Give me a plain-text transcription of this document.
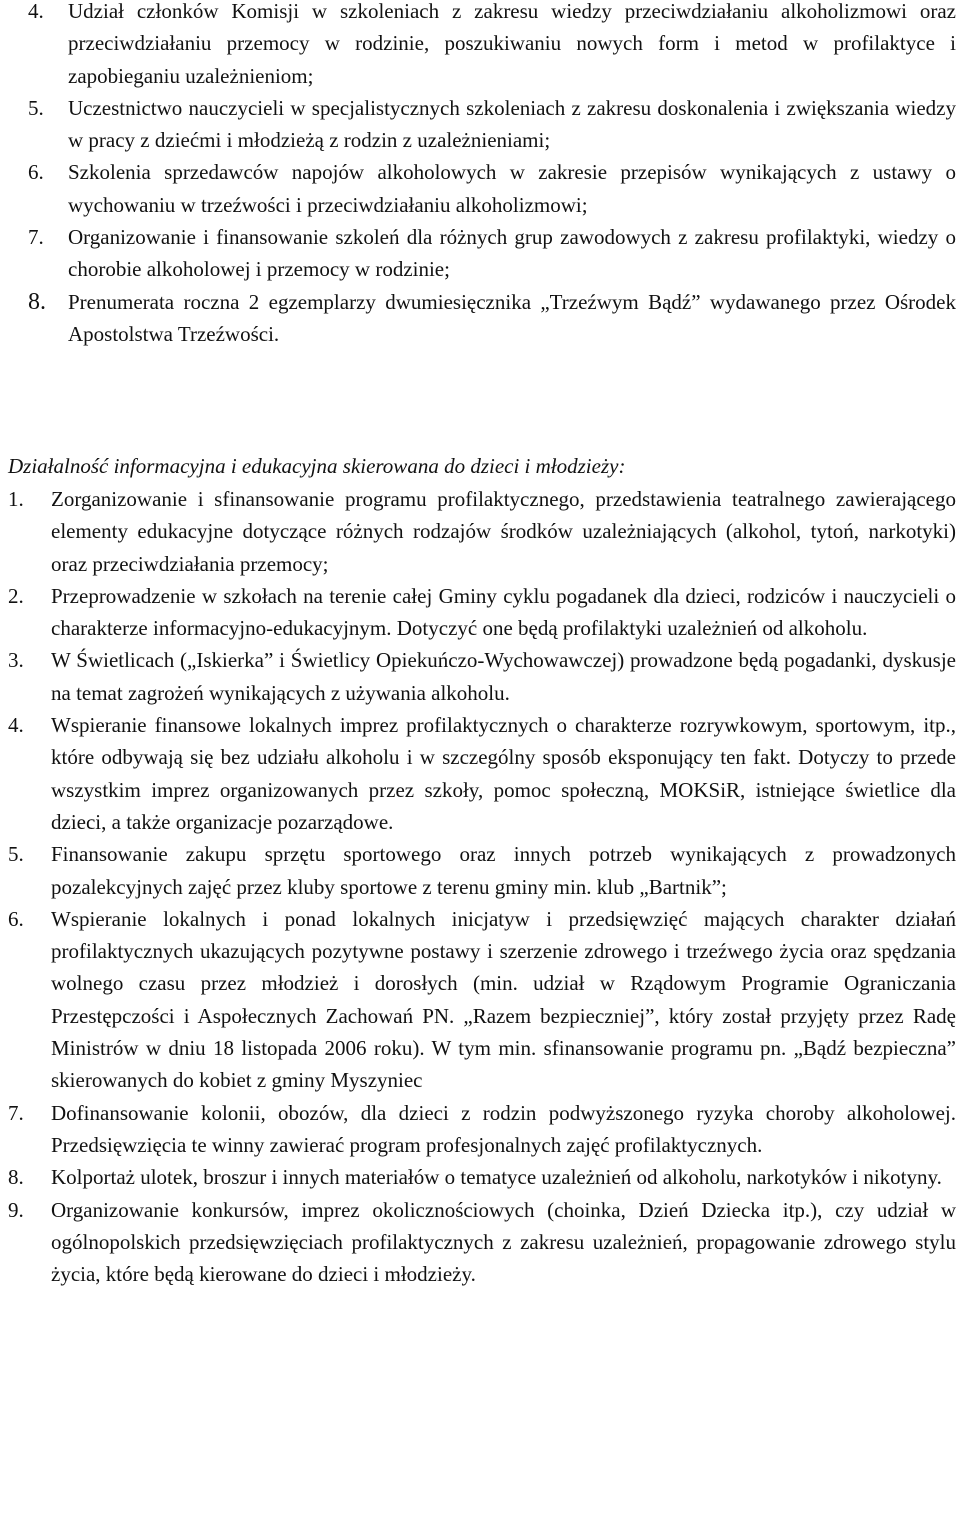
4.	Udział członków Komisji w szkoleniach z zakresu wiedzy przeciwdziałaniu alkoholizmowi oraz przeciwdziałaniu przemocy w rodzinie, poszukiwaniu nowych form i metod w profilaktyce i zapobieganiu uzależnieniom;

5.	Uczestnictwo nauczycieli w specjalistycznych szkoleniach z zakresu doskonalenia i zwiększania wiedzy w pracy z dziećmi i młodzieżą z rodzin z uzależnieniami;

6.	Szkolenia sprzedawców napojów alkoholowych w zakresie przepisów wynikających z ustawy o wychowaniu w trzeźwości i przeciwdziałaniu alkoholizmowi;

7.	Organizowanie i finansowanie szkoleń dla różnych grup zawodowych z zakresu profilaktyki, wiedzy o chorobie alkoholowej i przemocy w rodzinie;

8.	Prenumerata roczna 2 egzemplarzy dwumiesięcznika „Trzeźwym Bądź” wydawanego przez Ośrodek Apostolstwa Trzeźwości.

Działalność informacyjna i edukacyjna skierowana do dzieci i młodzieży:
1.	Zorganizowanie i sfinansowanie programu profilaktycznego, przedstawienia teatralnego zawierającego elementy edukacyjne dotyczące różnych rodzajów środków uzależniających (alkohol, tytoń, narkotyki) oraz przeciwdziałania przemocy;

2.	Przeprowadzenie w szkołach na terenie całej Gminy cyklu pogadanek dla dzieci, rodziców i nauczycieli o charakterze informacyjno-edukacyjnym. Dotyczyć one będą profilaktyki uzależnień od alkoholu.

3.	W Świetlicach („Iskierka” i Świetlicy Opiekuńczo-Wychowawczej) prowadzone będą pogadanki, dyskusje na temat zagrożeń wynikających z używania alkoholu.

4.	Wspieranie finansowe lokalnych imprez profilaktycznych o charakterze rozrywkowym, sportowym, itp., które odbywają się bez udziału alkoholu i w szczególny sposób eksponujący ten fakt. Dotyczy to przede wszystkim imprez organizowanych przez szkoły, pomoc społeczną, MOKSiR, istniejące świetlice dla dzieci, a także organizacje pozarządowe.

5.	Finansowanie zakupu sprzętu sportowego oraz innych potrzeb wynikających z prowadzonych pozalekcyjnych zajęć przez kluby sportowe z terenu gminy min. klub „Bartnik”;

6.	Wspieranie lokalnych i ponad lokalnych inicjatyw i przedsięwzięć mających charakter działań profilaktycznych ukazujących pozytywne postawy i szerzenie zdrowego i trzeźwego życia oraz spędzania wolnego czasu przez młodzież i dorosłych (min. udział w Rządowym Programie Ograniczania Przestępczości i Aspołecznych Zachowań PN. „Razem bezpieczniej”, który został przyjęty przez Radę Ministrów w dniu 18 listopada 2006 roku). W tym min. sfinansowanie programu pn. „Bądź bezpieczna” skierowanych do kobiet z gminy Myszyniec

7.	Dofinansowanie kolonii, obozów, dla dzieci z rodzin podwyższonego ryzyka choroby alkoholowej. Przedsięwzięcia te winny zawierać program profesjonalnych zajęć profilaktycznych.

8.	Kolportaż ulotek, broszur i innych materiałów o tematyce uzależnień od alkoholu, narkotyków i nikotyny.

9.	Organizowanie konkursów, imprez okolicznościowych (choinka, Dzień Dziecka itp.), czy udział w ogólnopolskich przedsięwzięciach profilaktycznych z zakresu uzależnień, propagowanie zdrowego stylu życia, które będą kierowane do dzieci i młodzieży.
